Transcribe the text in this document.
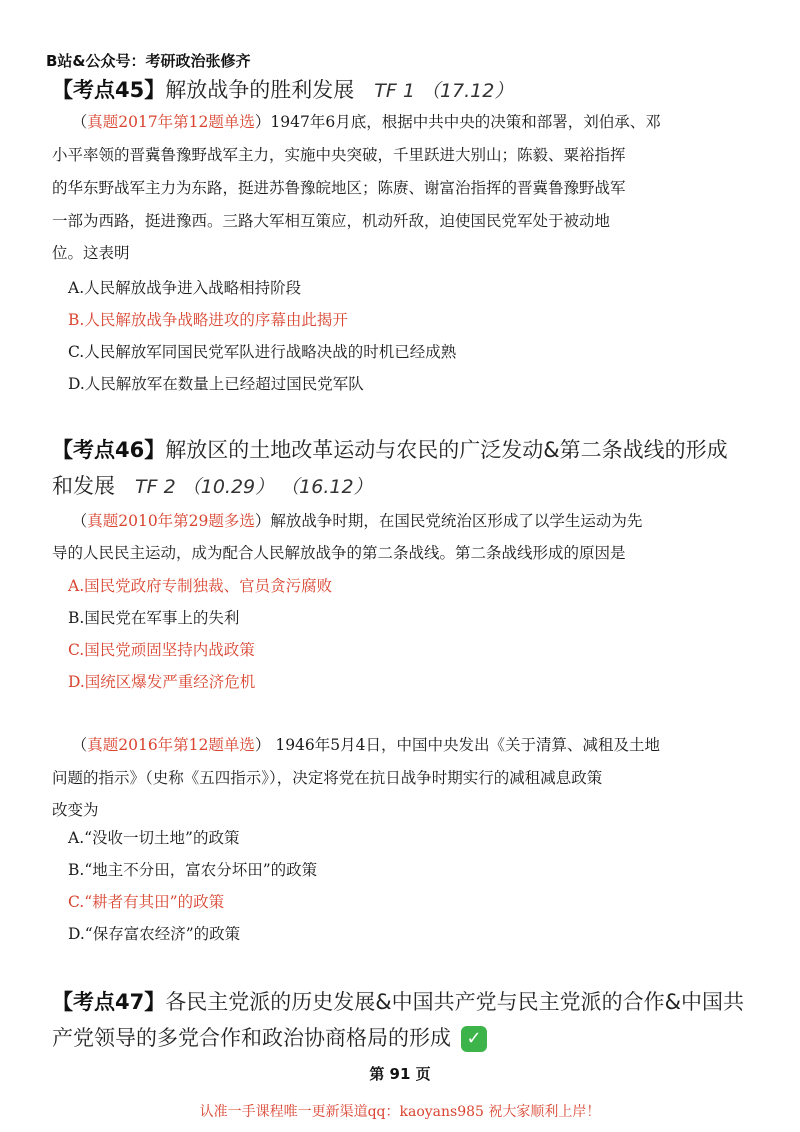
B站&公众号：考研政治张修齐
【考点45】解放战争的胜利发展 TF 1 （17.12）
（真题2017年第12题单选）1947年6月底，根据中共中央的决策和部署，刘伯承、邓
小平率领的晋冀鲁豫野战军主力，实施中央突破，千里跃进大别山；陈毅、粟裕指挥
的华东野战军主力为东路，挺进苏鲁豫皖地区；陈赓、谢富治指挥的晋冀鲁豫野战军
一部为西路，挺进豫西。三路大军相互策应，机动歼敌，迫使国民党军处于被动地
位。这表明
A.人民解放战争进入战略相持阶段
B.人民解放战争战略进攻的序幕由此揭开
C.人民解放军同国民党军队进行战略决战的时机已经成熟
D.人民解放军在数量上已经超过国民党军队
【考点46】解放区的土地改革运动与农民的广泛发动&第二条战线的形成
和发展 TF 2 （10.29） （16.12）
（真题2010年第29题多选）解放战争时期，在国民党统治区形成了以学生运动为先
导的人民民主运动，成为配合人民解放战争的第二条战线。第二条战线形成的原因是
A.国民党政府专制独裁、官员贪污腐败
B.国民党在军事上的失利
C.国民党顽固坚持内战政策
D.国统区爆发严重经济危机
（真题2016年第12题单选） 1946年5月4日，中国中央发出《关于清算、减租及土地
问题的指示》（史称《五四指示》），决定将党在抗日战争时期实行的减租减息政策
改变为
A.“没收一切土地”的政策
B.“地主不分田，富农分坏田”的政策
C.“耕者有其田”的政策
D.“保存富农经济”的政策
【考点47】各民主党派的历史发展&中国共产党与民主党派的合作&中国共
产党领导的多党合作和政治协商格局的形成 ✓
第 91 页
认准一手课程唯一更新渠道qq：kaoyans985 祝大家顺利上岸！
